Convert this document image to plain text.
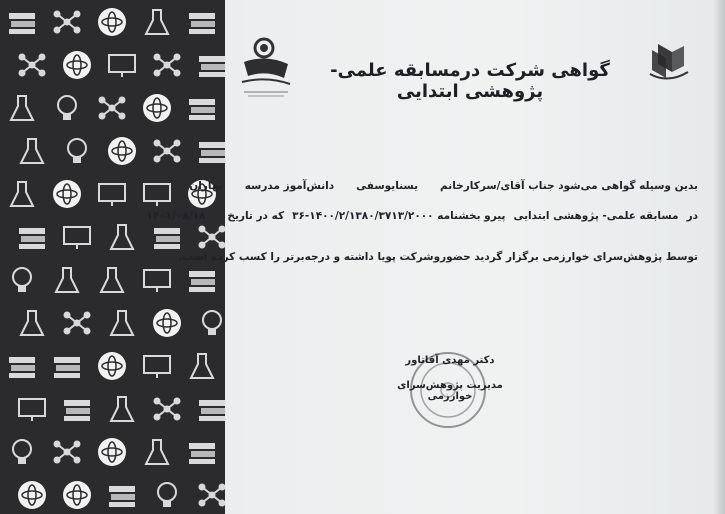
گواهی شرکت درمسابقه علمی- پژوهشی ابتدایی
بدین وسیله گواهی می‌شود جناب آقای/سرکارخانمیسنایوسفیدانش‌آموز مدرسهبهاران
درمسابقه علمی- پژوهشی ابتداییپیرو بخشنامه ۱۴۰۰/۲/۱۳۸۰/۳۷۱۳/۲۰۰۰-۳۶که در تاریخ۱۴۰۱/۰۸/۱۸
توسط پژوهش‌سرای خوارزمی برگزار گردید حضوروشرکت پویا داشته و درجه‌برتر را کسب کرده است.
دکتر مهدی آقاتاور
مدیریت پژوهش‌سرای خوارزمی
